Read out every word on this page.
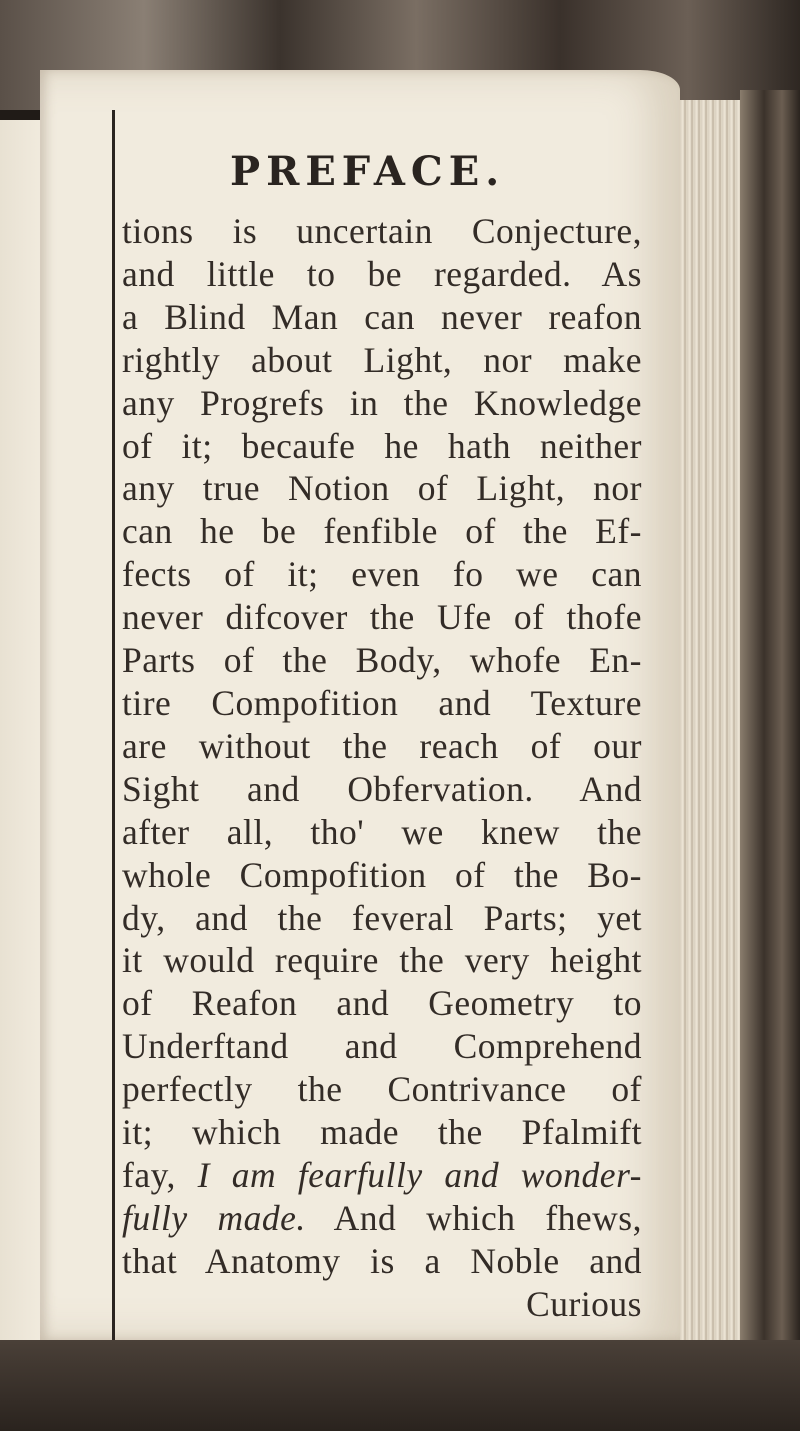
PREFACE.
tions is uncertain Conjecture,
and little to be regarded. As
a Blind Man can never reafon
rightly about Light, nor make
any Progrefs in the Knowledge
of it; becaufe he hath neither
any true Notion of Light, nor
can he be fenfible of the Ef-
fects of it; even fo we can
never difcover the Ufe of thofe
Parts of the Body, whofe En-
tire Compofition and Texture
are without the reach of our
Sight and Obfervation. And
after all, tho' we knew the
whole Compofition of the Bo-
dy, and the feveral Parts; yet
it would require the very height
of Reafon and Geometry to
Underftand and Comprehend
perfectly the Contrivance of
it; which made the Pfalmift
fay, I am fearfully and wonder-
fully made. And which fhews,
that Anatomy is a Noble and
Curious
